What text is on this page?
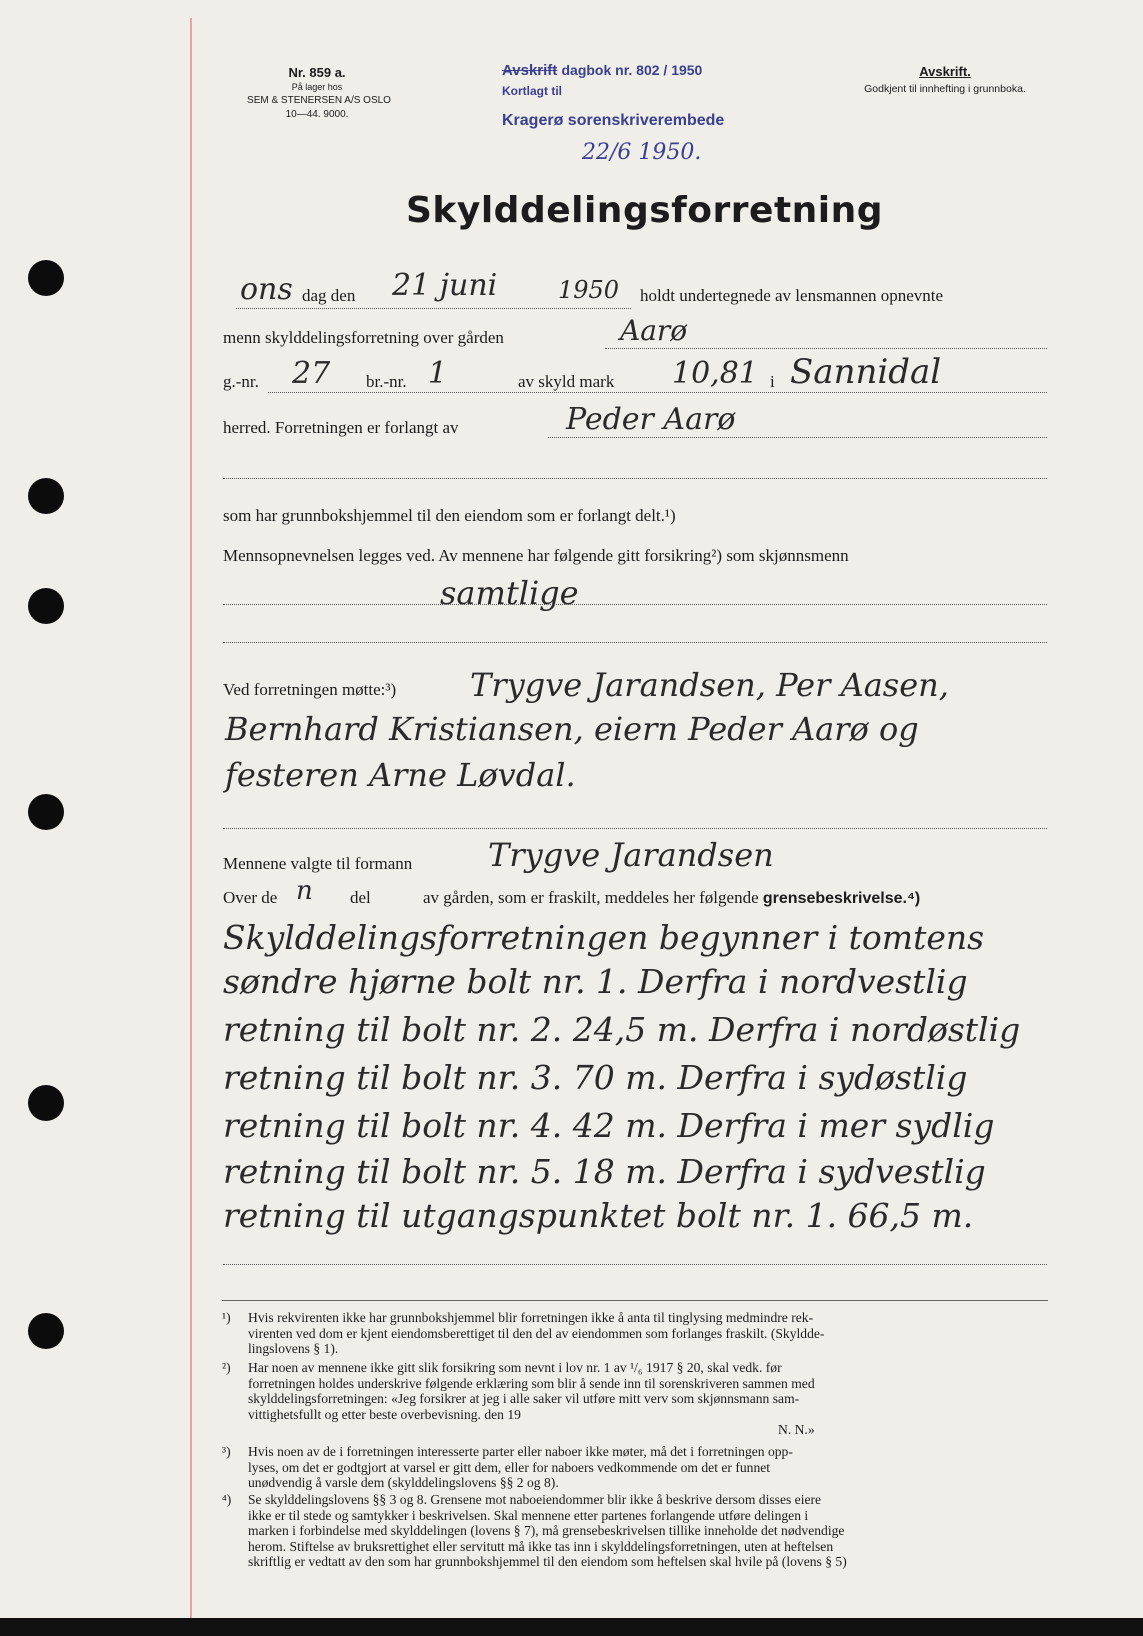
Nr. 859 a.
På lager hos
SEM & STENERSEN A/S OSLO
10—44. 9000.
Avskrift dagbok nr. 802 / 1950
Kortlagt til
Kragerø sorenskriverembede
22/6 1950.
Avskrift.
Godkjent til innhefting i grunnboka.
Skylddelingsforretning
ons dag den 21 juni	1950 holdt undertegnede av lensmannen opnevnte
menn skylddelingsforretning over gården	Aarø
g.-nr. 27 br.-nr. 1	av skyld mark 10,81 i Sannidal
herred. Forretningen er forlangt av	Peder Aarø
som har grunnbokshjemmel til den eiendom som er forlangt delt.¹)
Mennsopnevnelsen legges ved. Av mennene har følgende gitt forsikring²) som skjønnsmenn
samtlige
Ved forretningen møtte:³) Trygve Jarandsen, Per Aasen,
Bernhard Kristiansen, eiern Peder Aarø og
festeren Arne Løvdal.
Mennene valgte til formann Trygve Jarandsen
Over de n del	av gården, som er fraskilt, meddeles her følgende grensebeskrivelse.⁴)
Skylddelingsforretningen begynner i tomtens
søndre hjørne bolt nr. 1. Derfra i nordvestlig
retning til bolt nr. 2. 24,5 m. Derfra i nordøstlig
retning til bolt nr. 3. 70 m. Derfra i sydøstlig
retning til bolt nr. 4. 42 m. Derfra i mer sydlig
retning til bolt nr. 5. 18 m. Derfra i sydvestlig
retning til utgangspunktet bolt nr. 1. 66,5 m.
¹) Hvis rekvirenten ikke har grunnbokshjemmel blir forretningen ikke å anta til tinglysing medmindre rek-
virenten ved dom er kjent eiendomsberettiget til den del av eiendommen som forlanges fraskilt. (Skyldde-
lingslovens § 1).
²) Har noen av mennene ikke gitt slik forsikring som nevnt i lov nr. 1 av ¹/₆ 1917 § 20, skal vedk. før
forretningen holdes underskrive følgende erklæring som blir å sende inn til sorenskriveren sammen med
skylddelingsforretningen: «Jeg forsikrer at jeg i alle saker vil utføre mitt verv som skjønnsmann sam-
vittighetsfullt og etter beste overbevisning. den 19
N. N.»
³) Hvis noen av de i forretningen interesserte parter eller naboer ikke møter, må det i forretningen opp-
lyses, om det er godtgjort at varsel er gitt dem, eller for naboers vedkommende om det er funnet
unødvendig å varsle dem (skylddelingslovens §§ 2 og 8).
⁴) Se skylddelingslovens §§ 3 og 8. Grensene mot naboeiendommer blir ikke å beskrive dersom disses eiere
ikke er til stede og samtykker i beskrivelsen. Skal mennene etter partenes forlangende utføre delingen i
marken i forbindelse med skylddelingen (lovens § 7), må grensebeskrivelsen tillike inneholde det nødvendige
herom. Stiftelse av bruksrettighet eller servitutt må ikke tas inn i skylddelingsforretningen, uten at heftelsen
skriftlig er vedtatt av den som har grunnbokshjemmel til den eiendom som heftelsen skal hvile på (lovens § 5)
